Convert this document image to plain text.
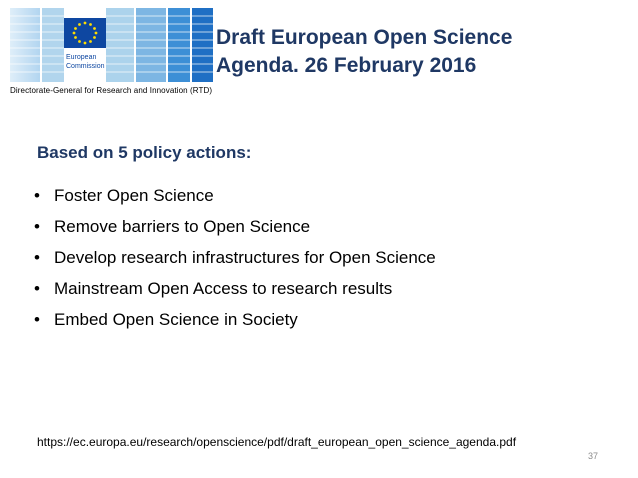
European
Commission
Directorate-General for Research and Innovation (RTD)
Draft European Open Science
Agenda. 26 February 2016
Based on 5 policy actions:
• Foster Open Science
• Remove barriers to Open Science
• Develop research infrastructures for Open Science
• Mainstream Open Access to research results
• Embed Open Science in Society
https://ec.europa.eu/research/openscience/pdf/draft_european_open_science_agenda.pdf
37
